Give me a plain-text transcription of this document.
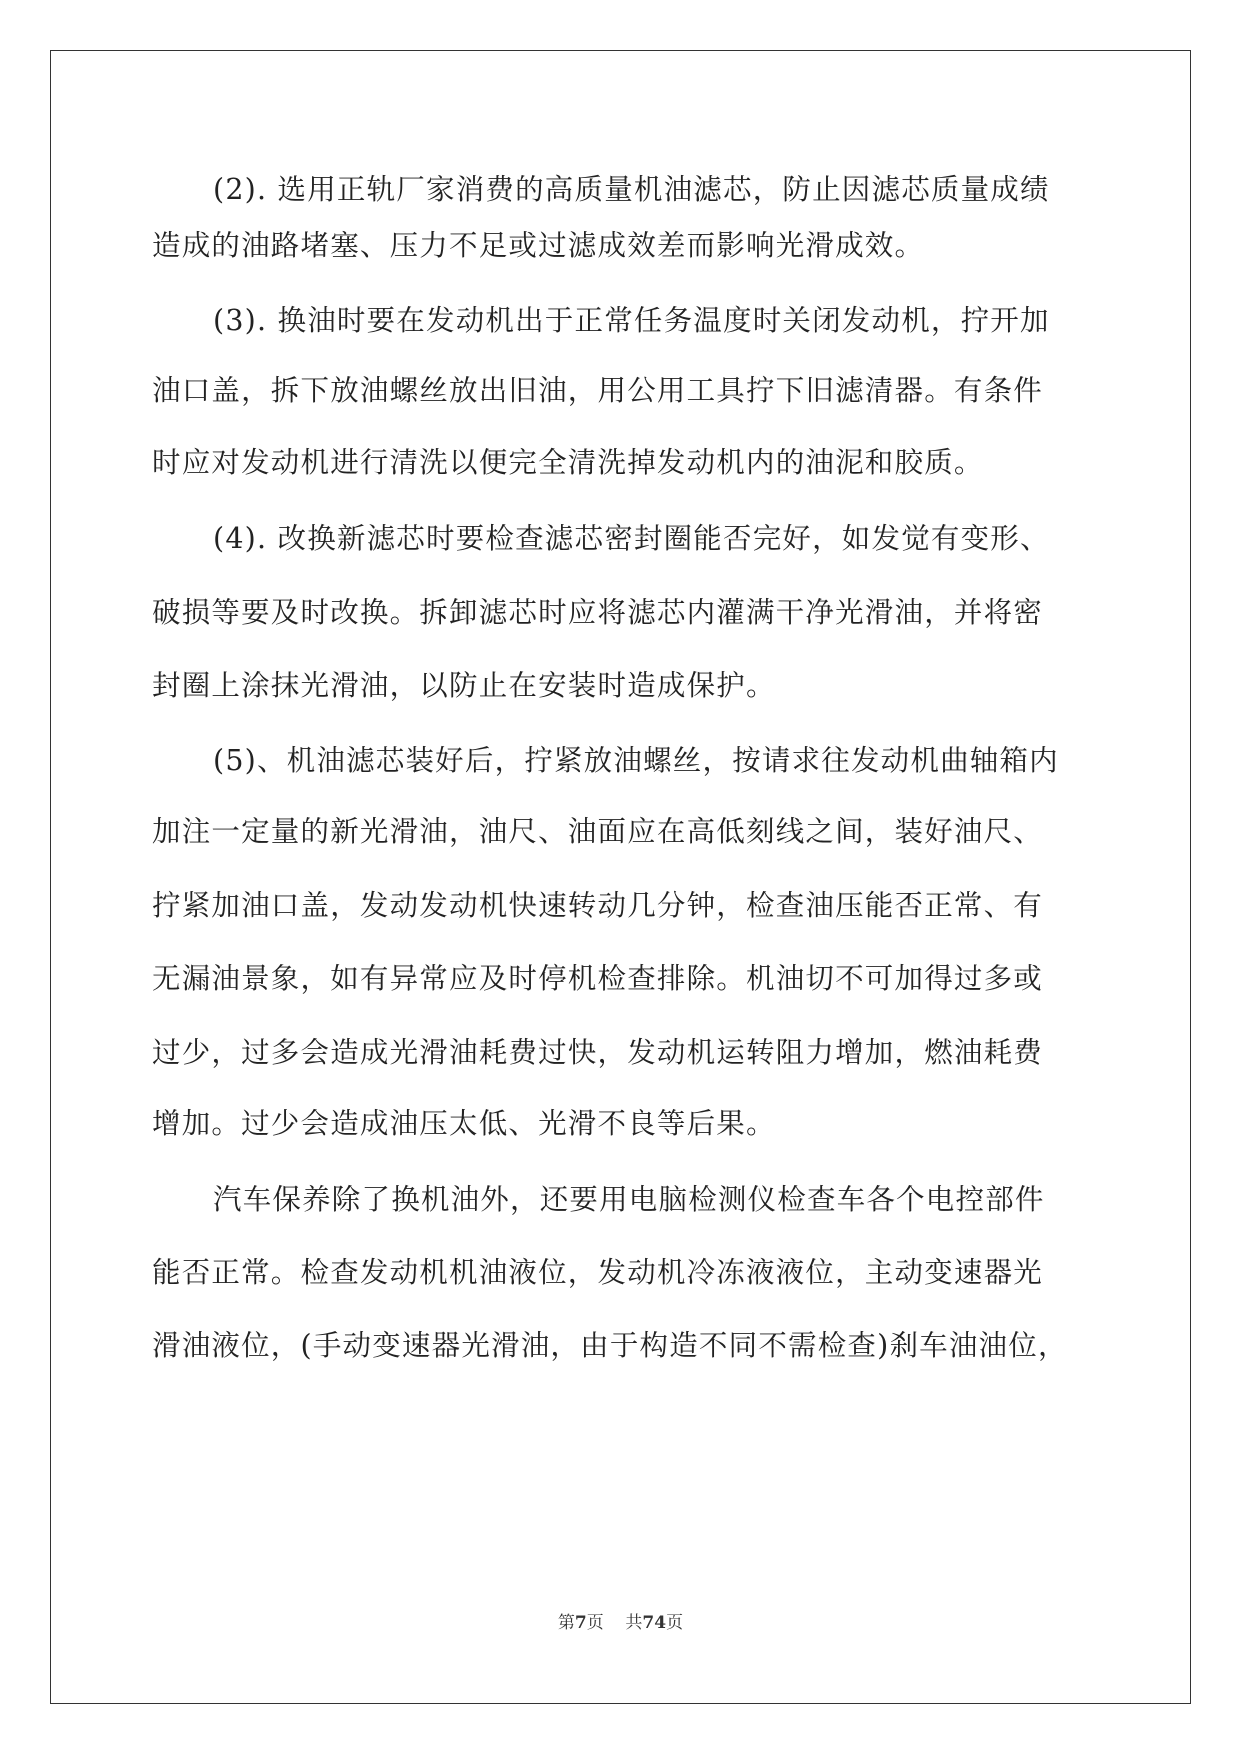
(2). 选用正轨厂家消费的高质量机油滤芯，防止因滤芯质量成绩
造成的油路堵塞、压力不足或过滤成效差而影响光滑成效。
(3). 换油时要在发动机出于正常任务温度时关闭发动机，拧开加
油口盖，拆下放油螺丝放出旧油，用公用工具拧下旧滤清器。有条件
时应对发动机进行清洗以便完全清洗掉发动机内的油泥和胶质。
(4). 改换新滤芯时要检查滤芯密封圈能否完好，如发觉有变形、
破损等要及时改换。拆卸滤芯时应将滤芯内灌满干净光滑油，并将密
封圈上涂抹光滑油，以防止在安装时造成保护。
(5)、机油滤芯装好后，拧紧放油螺丝，按请求往发动机曲轴箱内
加注一定量的新光滑油，油尺、油面应在高低刻线之间，装好油尺、
拧紧加油口盖，发动发动机快速转动几分钟，检查油压能否正常、有
无漏油景象，如有异常应及时停机检查排除。机油切不可加得过多或
过少，过多会造成光滑油耗费过快，发动机运转阻力增加，燃油耗费
增加。过少会造成油压太低、光滑不良等后果。
汽车保养除了换机油外，还要用电脑检测仪检查车各个电控部件
能否正常。检查发动机机油液位，发动机冷冻液液位，主动变速器光
滑油液位，(手动变速器光滑油，由于构造不同不需检查)刹车油油位，
第7页 共74页
